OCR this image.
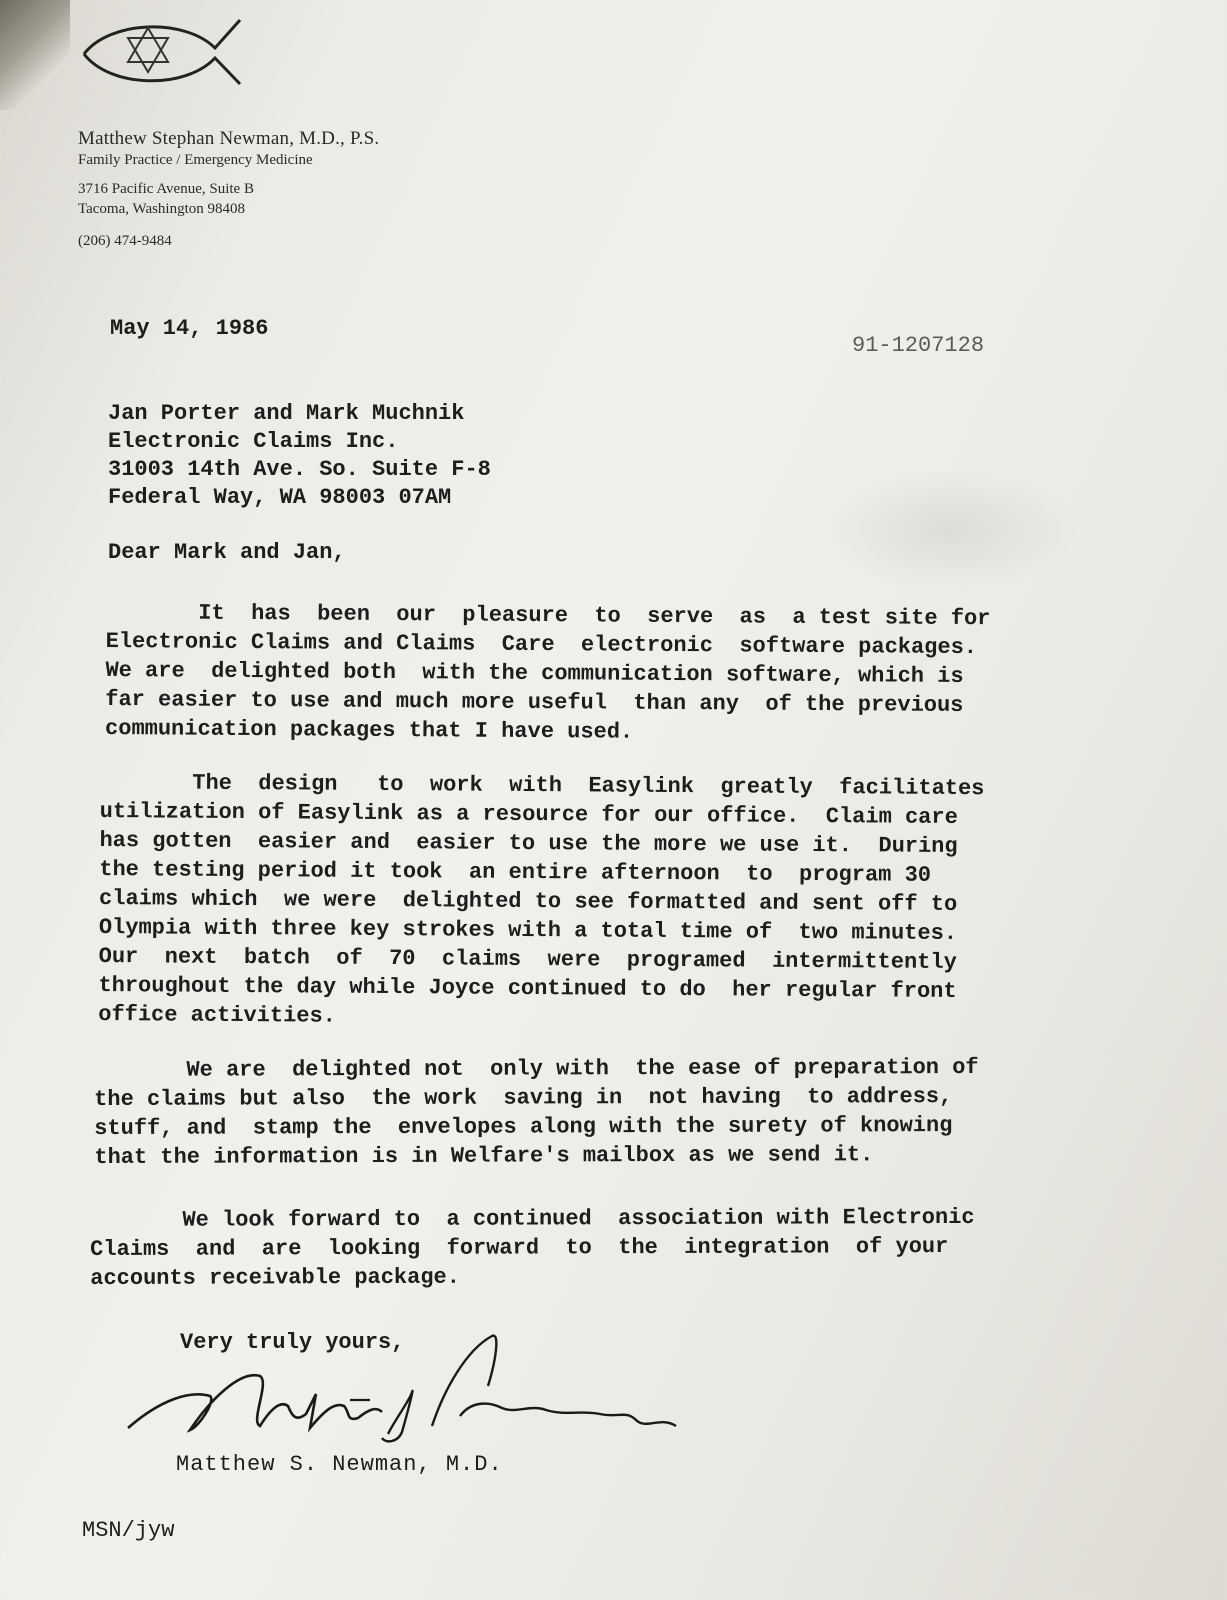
Matthew Stephan Newman, M.D., P.S.
Family Practice / Emergency Medicine
3716 Pacific Avenue, Suite B
Tacoma, Washington 98408
(206) 474-9484
May 14, 1986
91-1207128
Jan Porter and Mark Muchnik
Electronic Claims Inc.
31003 14th Ave. So. Suite F-8
Federal Way, WA 98003 07AM
Dear Mark and Jan,
It  has  been  our  pleasure  to  serve  as  a test site for
Electronic Claims and Claims  Care  electronic  software packages.
We are  delighted both  with the communication software, which is
far easier to use and much more useful  than any  of the previous
communication packages that I have used.
The  design   to  work  with  Easylink  greatly  facilitates
utilization of Easylink as a resource for our office.  Claim care
has gotten  easier and  easier to use the more we use it.  During
the testing period it took  an entire afternoon  to  program 30
claims which  we were  delighted to see formatted and sent off to
Olympia with three key strokes with a total time of  two minutes.
Our  next  batch  of  70  claims  were  programed  intermittently
throughout the day while Joyce continued to do  her regular front
office activities.
We are  delighted not  only with  the ease of preparation of
the claims but also  the work  saving in  not having  to address,
stuff, and  stamp the  envelopes along with the surety of knowing
that the information is in Welfare's mailbox as we send it.
We look forward to  a continued  association with Electronic
Claims  and  are  looking  forward  to  the  integration  of your
accounts receivable package.
Very truly yours,
Matthew S. Newman, M.D.
MSN/jyw
